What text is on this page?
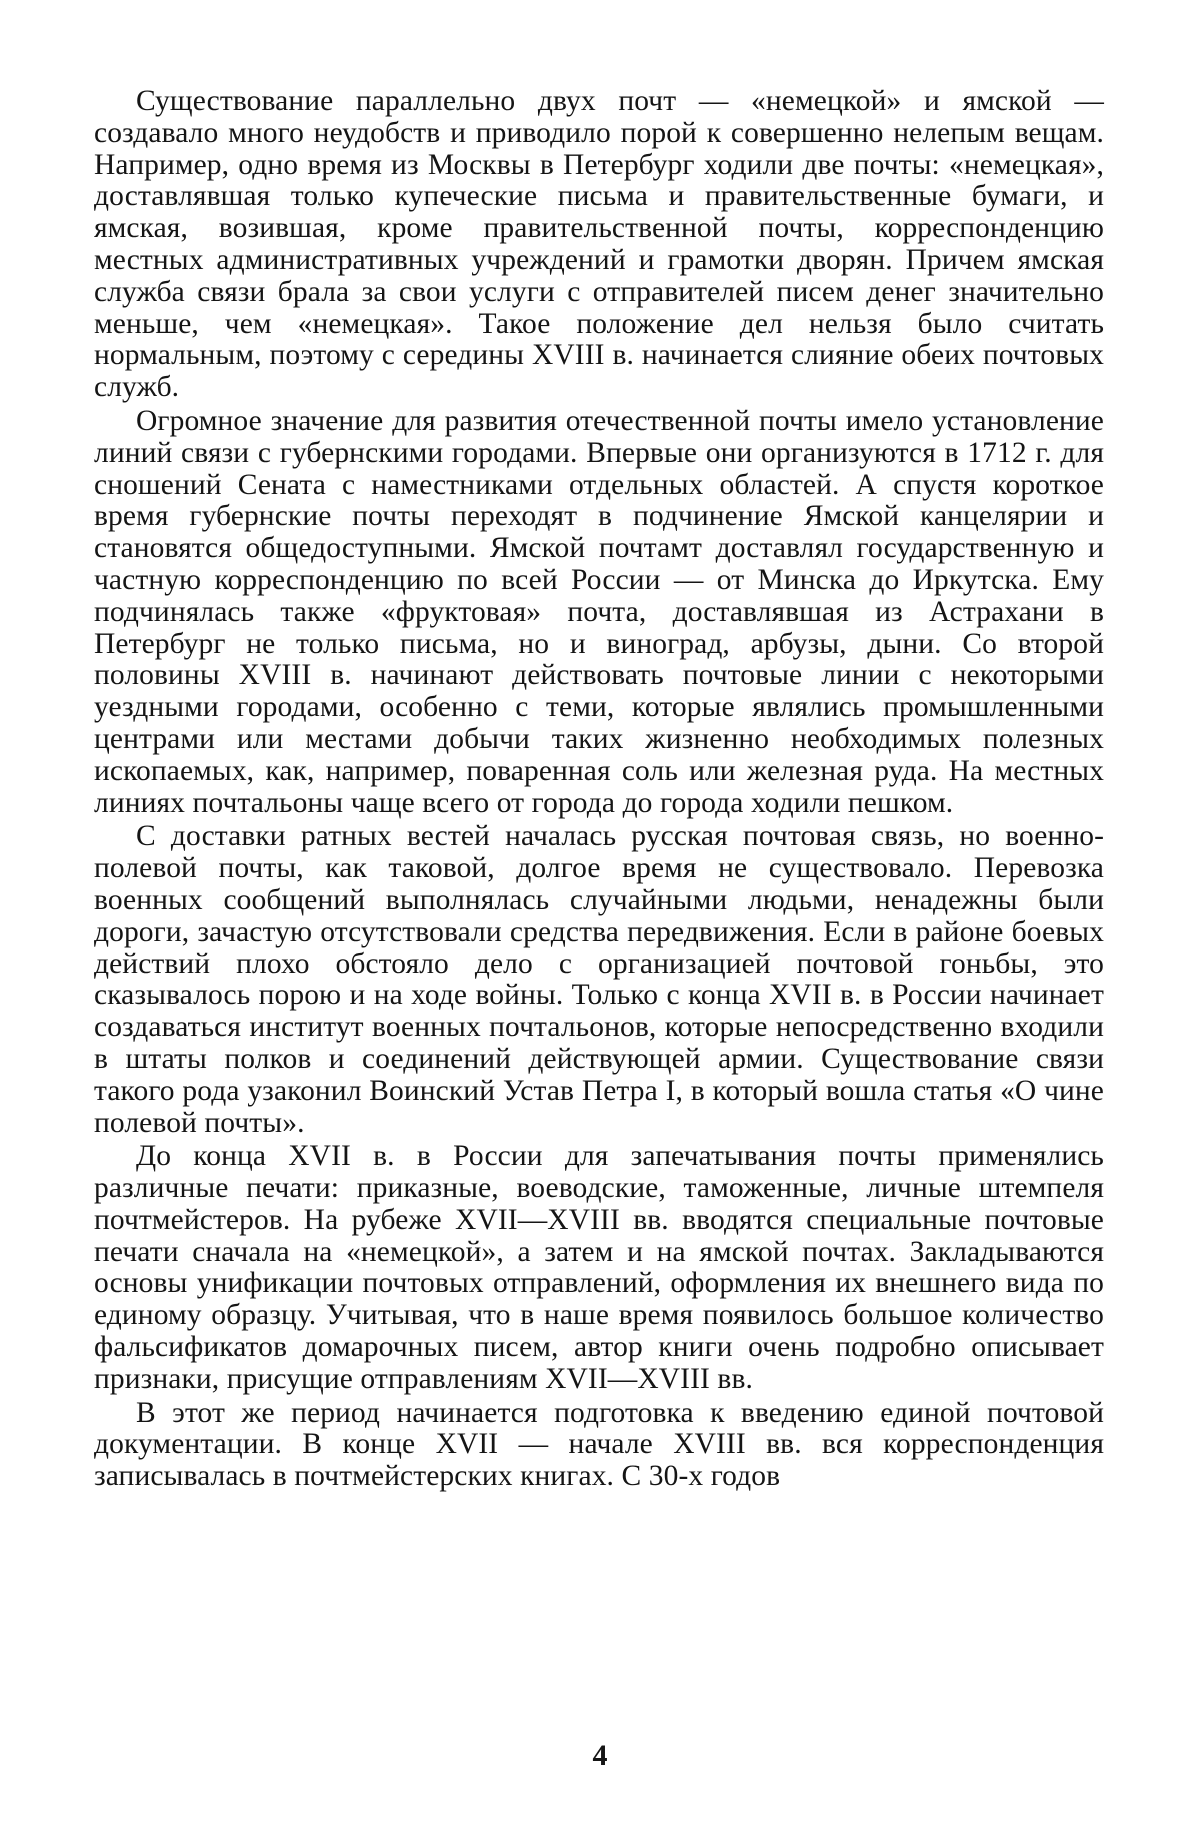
Существование параллельно двух почт — «немецкой» и ямской — создавало много неудобств и приводило порой к совершенно нелепым вещам. Например, одно время из Москвы в Петербург ходили две почты: «немецкая», доставлявшая только купеческие письма и правительственные бумаги, и ямская, возившая, кроме правительственной почты, корреспонденцию местных административных учреждений и грамотки дворян. Причем ямская служба связи брала за свои услуги с отправителей писем денег значительно меньше, чем «немецкая». Такое положение дел нельзя было считать нормальным, поэтому с середины XVIII в. начинается слияние обеих почтовых служб.

Огромное значение для развития отечественной почты имело установление линий связи с губернскими городами. Впервые они организуются в 1712 г. для сношений Сената с наместниками отдельных областей. А спустя короткое время губернские почты переходят в подчинение Ямской канцелярии и становятся общедоступными. Ямской почтамт доставлял государственную и частную корреспонденцию по всей России — от Минска до Иркутска. Ему подчинялась также «фруктовая» почта, доставлявшая из Астрахани в Петербург не только письма, но и виноград, арбузы, дыни. Со второй половины XVIII в. начинают действовать почтовые линии с некоторыми уездными городами, особенно с теми, которые являлись промышленными центрами или местами добычи таких жизненно необходимых полезных ископаемых, как, например, поваренная соль или железная руда. На местных линиях почтальоны чаще всего от города до города ходили пешком.

С доставки ратных вестей началась русская почтовая связь, но военно-полевой почты, как таковой, долгое время не существовало. Перевозка военных сообщений выполнялась случайными людьми, ненадежны были дороги, зачастую отсутствовали средства передвижения. Если в районе боевых действий плохо обстояло дело с организацией почтовой гоньбы, это сказывалось порою и на ходе войны. Только с конца XVII в. в России начинает создаваться институт военных почтальонов, которые непосредственно входили в штаты полков и соединений действующей армии. Существование связи такого рода узаконил Воинский Устав Петра I, в который вошла статья «О чине полевой почты».

До конца XVII в. в России для запечатывания почты применялись различные печати: приказные, воеводские, таможенные, личные штемпеля почтмейстеров. На рубеже XVII—XVIII вв. вводятся специальные почтовые печати сначала на «немецкой», а затем и на ямской почтах. Закладываются основы унификации почтовых отправлений, оформления их внешнего вида по единому образцу. Учитывая, что в наше время появилось большое количество фальсификатов домарочных писем, автор книги очень подробно описывает признаки, присущие отправлениям XVII—XVIII вв.

В этот же период начинается подготовка к введению единой почтовой документации. В конце XVII — начале XVIII вв. вся корреспонденция записывалась в почтмейстерских книгах. С 30-х годов

4
